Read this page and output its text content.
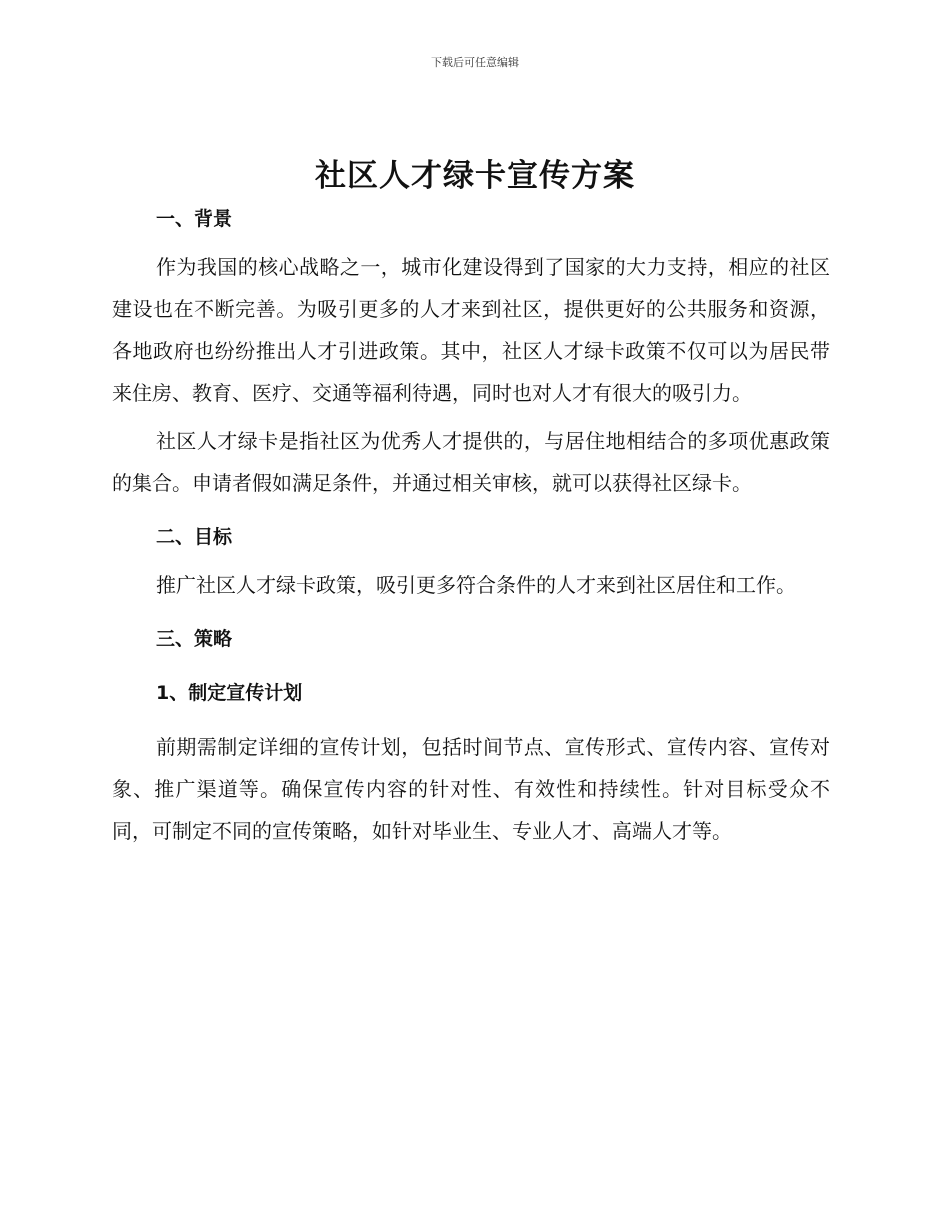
下载后可任意编辑
社区人才绿卡宣传方案

一、背景

作为我国的核心战略之一，城市化建设得到了国家的大力支持，相应的社区建设也在不断完善。为吸引更多的人才来到社区，提供更好的公共服务和资源，各地政府也纷纷推出人才引进政策。其中，社区人才绿卡政策不仅可以为居民带来住房、教育、医疗、交通等福利待遇，同时也对人才有很大的吸引力。

社区人才绿卡是指社区为优秀人才提供的，与居住地相结合的多项优惠政策的集合。申请者假如满足条件，并通过相关审核，就可以获得社区绿卡。

二、目标

推广社区人才绿卡政策，吸引更多符合条件的人才来到社区居住和工作。

三、策略

1、制定宣传计划

前期需制定详细的宣传计划，包括时间节点、宣传形式、宣传内容、宣传对象、推广渠道等。确保宣传内容的针对性、有效性和持续性。针对目标受众不同，可制定不同的宣传策略，如针对毕业生、专业人才、高端人才等。
